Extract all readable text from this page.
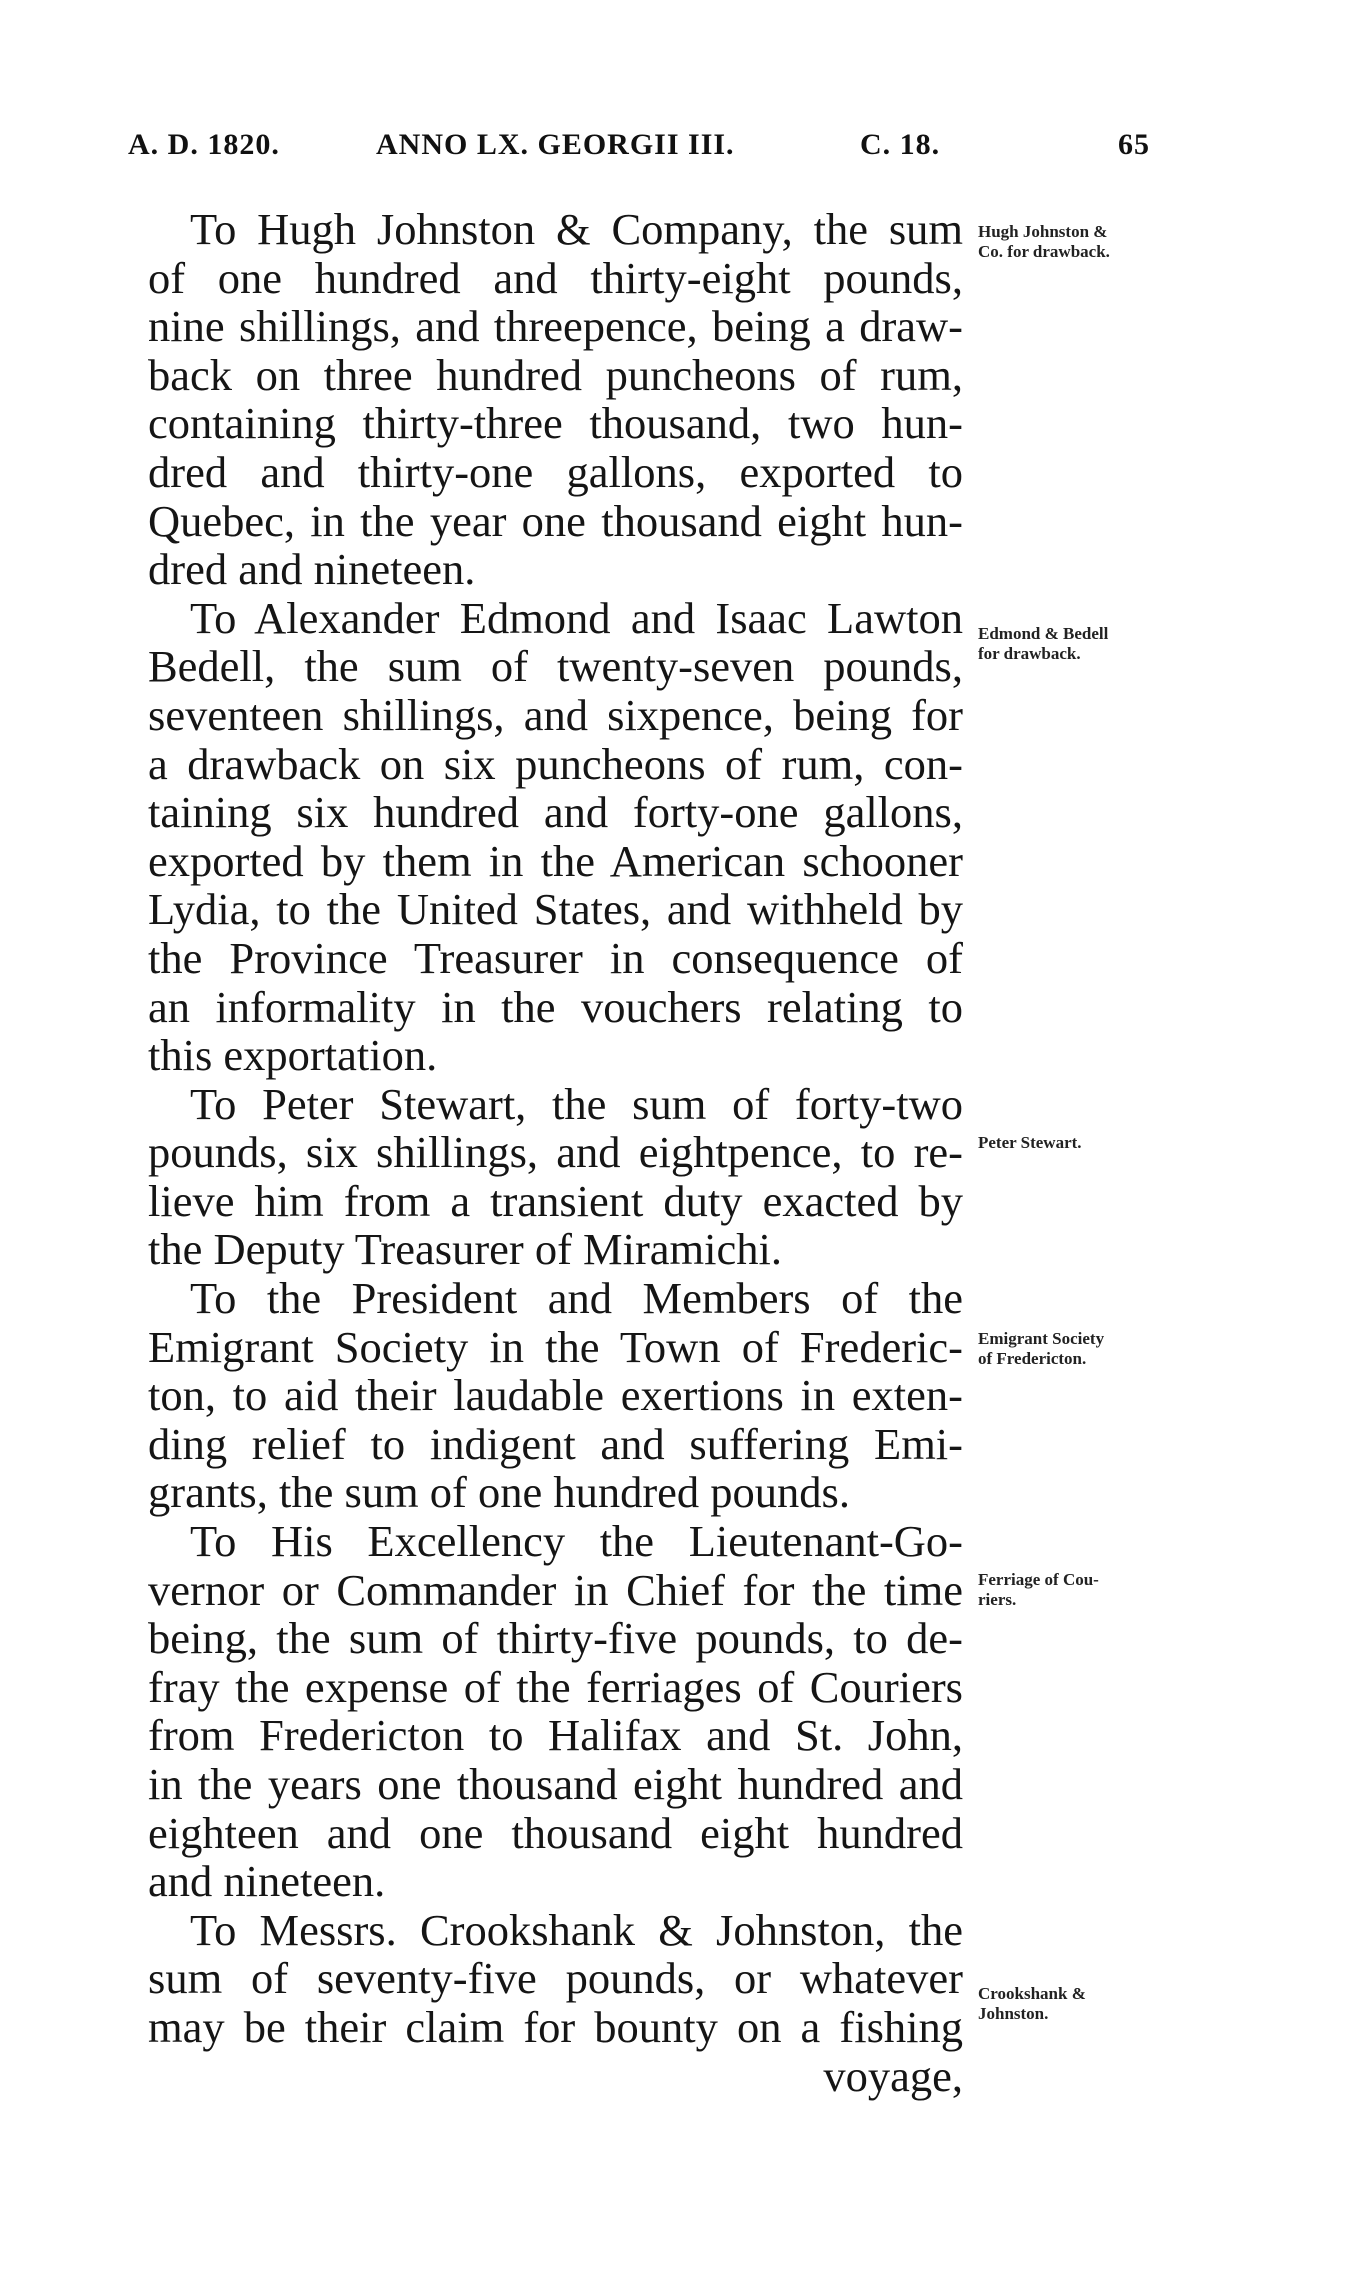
A. D. 1820.	ANNO LX. GEORGII III.	C. 18.	65
To Hugh Johnston & Company, the sum
of one hundred and thirty-eight pounds,
nine shillings, and threepence, being a draw-
back on three hundred puncheons of rum,
containing thirty-three thousand, two hun-
dred and thirty-one gallons, exported to
Quebec, in the year one thousand eight hun-
dred and nineteen.
To Alexander Edmond and Isaac Lawton
Bedell, the sum of twenty-seven pounds,
seventeen shillings, and sixpence, being for
a drawback on six puncheons of rum, con-
taining six hundred and forty-one gallons,
exported by them in the American schooner
Lydia, to the United States, and withheld by
the Province Treasurer in consequence of
an informality in the vouchers relating to
this exportation.
To Peter Stewart, the sum of forty-two
pounds, six shillings, and eightpence, to re-
lieve him from a transient duty exacted by
the Deputy Treasurer of Miramichi.
To the President and Members of the
Emigrant Society in the Town of Frederic-
ton, to aid their laudable exertions in exten-
ding relief to indigent and suffering Emi-
grants, the sum of one hundred pounds.
To His Excellency the Lieutenant-Go-
vernor or Commander in Chief for the time
being, the sum of thirty-five pounds, to de-
fray the expense of the ferriages of Couriers
from Fredericton to Halifax and St. John,
in the years one thousand eight hundred and
eighteen and one thousand eight hundred
and nineteen.
To Messrs. Crookshank & Johnston, the
sum of seventy-five pounds, or whatever
may be their claim for bounty on a fishing
voyage,
Hugh Johnston &
Co. for drawback.
Edmond & Bedell
for drawback.
Peter Stewart.
Emigrant Society
of Fredericton.
Ferriage of Cou-
riers.
Crookshank &
Johnston.
